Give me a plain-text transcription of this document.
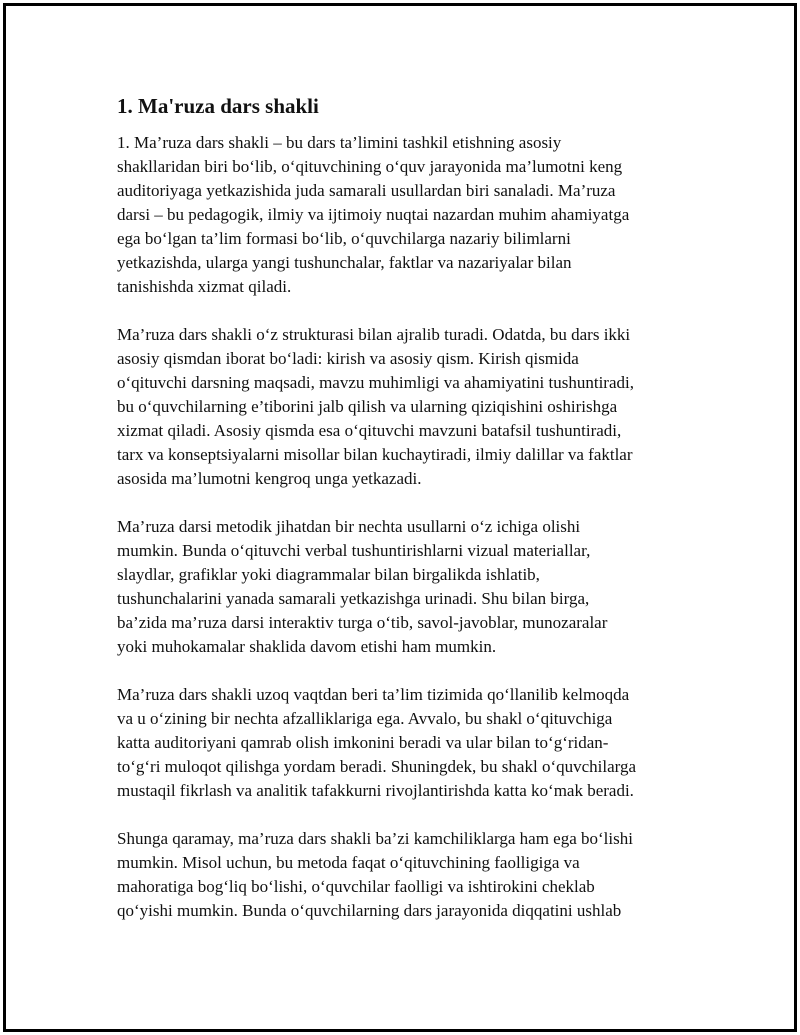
1. Ma'ruza dars shakli
1. Ma’ruza dars shakli – bu dars ta’limini tashkil etishning asosiy
shakllaridan biri bo‘lib, o‘qituvchining o‘quv jarayonida ma’lumotni keng
auditoriyaga yetkazishida juda samarali usullardan biri sanaladi. Ma’ruza
darsi – bu pedagogik, ilmiy va ijtimoiy nuqtai nazardan muhim ahamiyatga
ega bo‘lgan ta’lim formasi bo‘lib, o‘quvchilarga nazariy bilimlarni
yetkazishda, ularga yangi tushunchalar, faktlar va nazariyalar bilan
tanishishda xizmat qiladi.
Ma’ruza dars shakli o‘z strukturasi bilan ajralib turadi. Odatda, bu dars ikki
asosiy qismdan iborat bo‘ladi: kirish va asosiy qism. Kirish qismida
o‘qituvchi darsning maqsadi, mavzu muhimligi va ahamiyatini tushuntiradi,
bu o‘quvchilarning e’tiborini jalb qilish va ularning qiziqishini oshirishga
xizmat qiladi. Asosiy qismda esa o‘qituvchi mavzuni batafsil tushuntiradi,
tarx va konseptsiyalarni misollar bilan kuchaytiradi, ilmiy dalillar va faktlar
asosida ma’lumotni kengroq unga yetkazadi.
Ma’ruza darsi metodik jihatdan bir nechta usullarni o‘z ichiga olishi
mumkin. Bunda o‘qituvchi verbal tushuntirishlarni vizual materiallar,
slaydlar, grafiklar yoki diagrammalar bilan birgalikda ishlatib,
tushunchalarini yanada samarali yetkazishga urinadi. Shu bilan birga,
ba’zida ma’ruza darsi interaktiv turga o‘tib, savol-javoblar, munozaralar
yoki muhokamalar shaklida davom etishi ham mumkin.
Ma’ruza dars shakli uzoq vaqtdan beri ta’lim tizimida qo‘llanilib kelmoqda
va u o‘zining bir nechta afzalliklariga ega. Avvalo, bu shakl o‘qituvchiga
katta auditoriyani qamrab olish imkonini beradi va ular bilan to‘g‘ridan-
to‘g‘ri muloqot qilishga yordam beradi. Shuningdek, bu shakl o‘quvchilarga
mustaqil fikrlash va analitik tafakkurni rivojlantirishda katta ko‘mak beradi.
Shunga qaramay, ma’ruza dars shakli ba’zi kamchiliklarga ham ega bo‘lishi
mumkin. Misol uchun, bu metoda faqat o‘qituvchining faolligiga va
mahoratiga bog‘liq bo‘lishi, o‘quvchilar faolligi va ishtirokini cheklab
qo‘yishi mumkin. Bunda o‘quvchilarning dars jarayonida diqqatini ushlab
